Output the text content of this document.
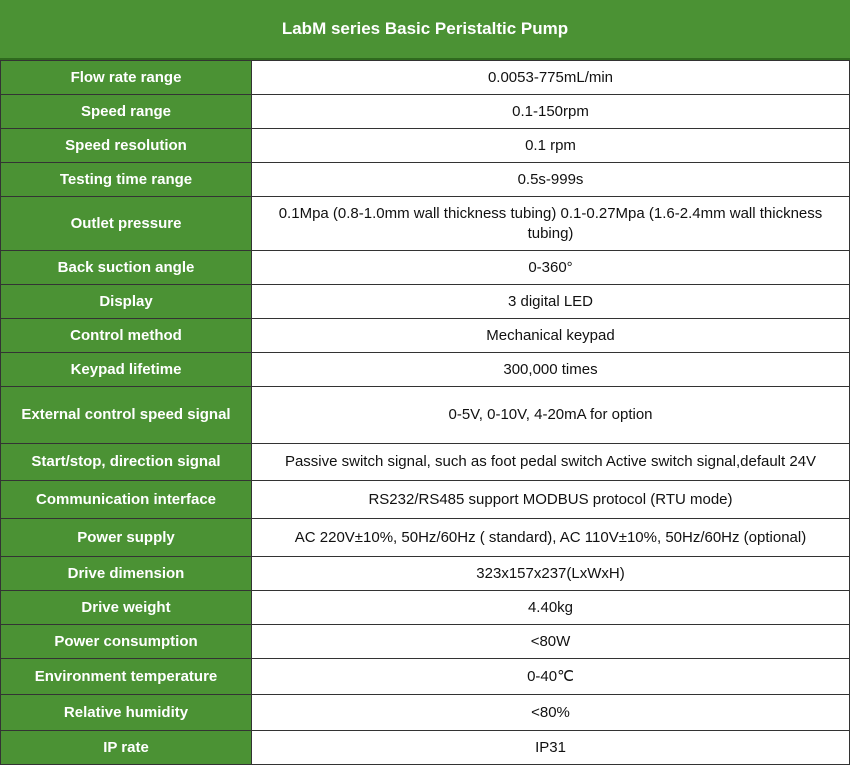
LabM series Basic Peristaltic Pump
Flow rate range	0.0053-775mL/min
Speed range	0.1-150rpm
Speed resolution	0.1 rpm
Testing time range	0.5s-999s
Outlet pressure	0.1Mpa (0.8-1.0mm wall thickness tubing) 0.1-0.27Mpa (1.6-2.4mm wall thickness tubing)
Back suction angle	0-360°
Display	3 digital LED
Control method	Mechanical keypad
Keypad lifetime	300,000 times
External control speed signal	0-5V, 0-10V, 4-20mA for option
Start/stop, direction signal	Passive switch signal, such as foot pedal switch Active switch signal,default 24V
Communication interface	RS232/RS485 support MODBUS protocol (RTU mode)
Power supply	AC 220V±10%, 50Hz/60Hz ( standard), AC 110V±10%, 50Hz/60Hz (optional)
Drive dimension	323x157x237(LxWxH)
Drive weight	4.40kg
Power consumption	<80W
Environment temperature	0-40℃
Relative humidity	<80%
IP rate	IP31
